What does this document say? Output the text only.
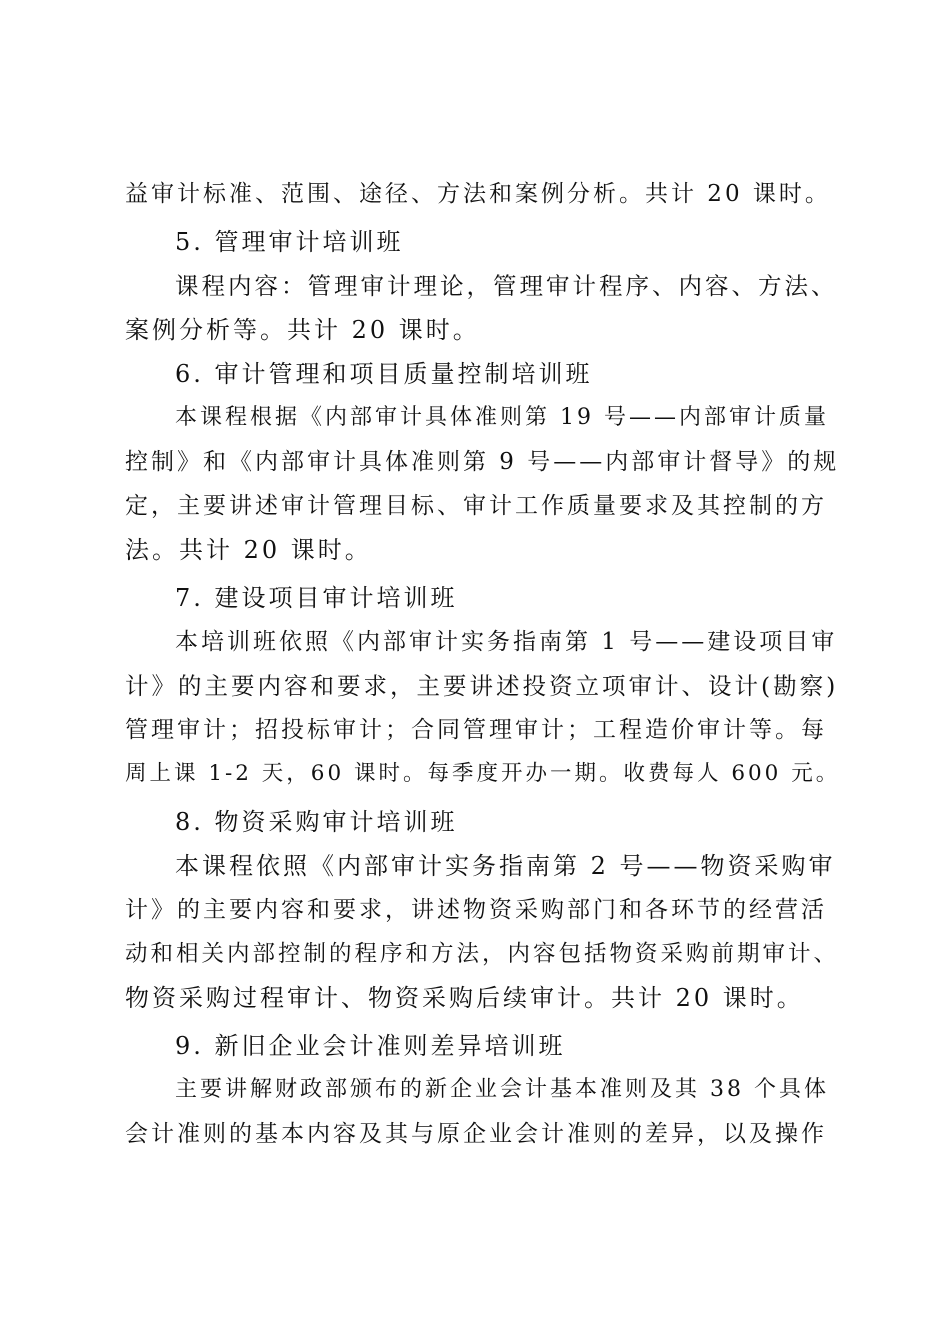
益审计标准、范围、途径、方法和案例分析。共计 20 课时。
5. 管理审计培训班
课程内容：管理审计理论，管理审计程序、内容、方法、
案例分析等。共计 20 课时。
6. 审计管理和项目质量控制培训班
本课程根据《内部审计具体准则第 19 号——内部审计质量
控制》和《内部审计具体准则第 9 号——内部审计督导》的规
定，主要讲述审计管理目标、审计工作质量要求及其控制的方
法。共计 20 课时。
7. 建设项目审计培训班
本培训班依照《内部审计实务指南第 1 号——建设项目审
计》的主要内容和要求，主要讲述投资立项审计、设计(勘察)
管理审计；招投标审计；合同管理审计；工程造价审计等。每
周上课 1-2 天，60 课时。每季度开办一期。收费每人 600 元。
8. 物资采购审计培训班
本课程依照《内部审计实务指南第 2 号——物资采购审
计》的主要内容和要求，讲述物资采购部门和各环节的经营活
动和相关内部控制的程序和方法，内容包括物资采购前期审计、
物资采购过程审计、物资采购后续审计。共计 20 课时。
9. 新旧企业会计准则差异培训班
主要讲解财政部颁布的新企业会计基本准则及其 38 个具体
会计准则的基本内容及其与原企业会计准则的差异，以及操作
